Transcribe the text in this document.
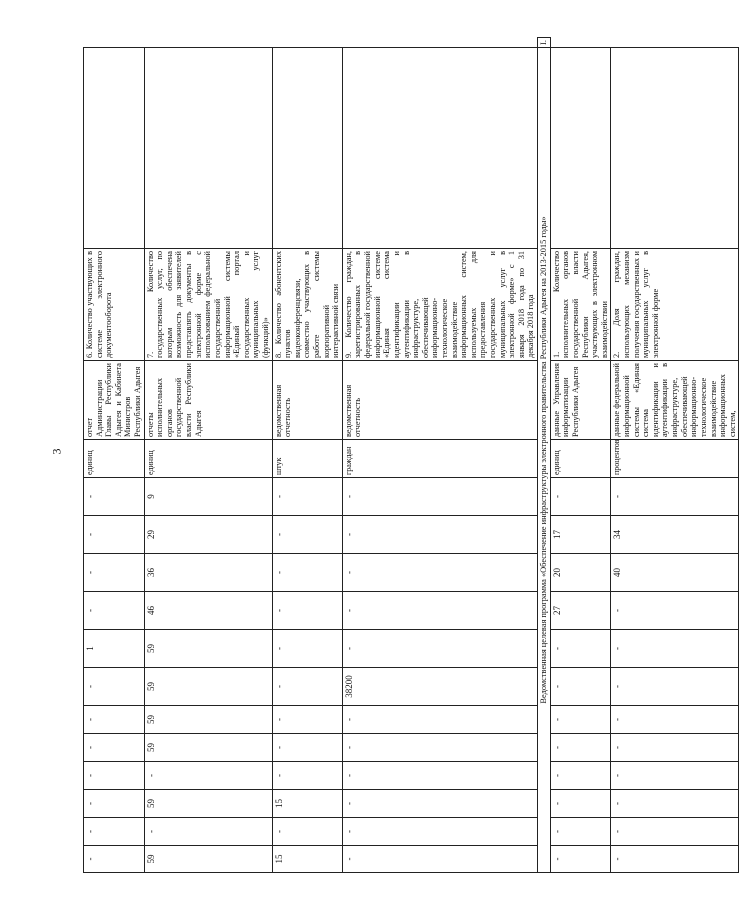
3
-	-	-	-	-	-	-	1	-	-	-	-	единиц	отчет Администрации Главы Республики Адыгея и Кабинета Министров Республики Адыгея	6. Количество участвующих в системе электронного документооборота		
59	-	59	-	59	59	59	59	46	36	29	9	единиц	отчеты исполнительных органов государственной власти Республики Адыгея	7. Количество государственных услуг, по которым обеспечена возможность для заявителей представлять документы в электронной форме с использованием федеральной государственной информационной системы «Единый портал государственных и муниципальных услуг (функций)»		
15	-	15	-	-	-	-	-	-	-	-	-	штук	ведомственная отчетность	8. Количество абонентских пунктов видеоконференцсвязи, совместно участвующих в работе системы корпоративной интерактивной связи		
-	-	-	-	-	-	38200	-	-	-	-	-	граждан	ведомственная отчетность	9. Количество граждан, зарегистрированных в федеральной государственной информационной системе «Единая система идентификации и аутентификации в инфраструктуре, обеспечивающей информационно-технологическое взаимодействие информационных систем, используемых для предоставления государственных и муниципальных услуг в электронной форме» с 1 января 2018 года по 31 декабря 2018 года		
Ведомственная целевая программа «Обеспечение инфраструктуры электронного правительства Республики Адыгея на 2013-2015 годы»																I.
-	-	-	-	-	-	-	-	27	20	17	-	единиц	данные Управления информатизации Республики Адыгея	1. Количество исполнительных органов государственной власти Республики Адыгея, участвующих в электронном взаимодействии		
-	-	-	-	-	-	-	-	-	40	34	-	процентов	данные федеральной информационной системы «Единая система идентификации и аутентификации в инфраструктуре, обеспечивающей информационно-технологическое взаимодействие информационных систем,	2. Доля граждан, использующих механизм получения государственных и муниципальных услуг в электронной форме		
